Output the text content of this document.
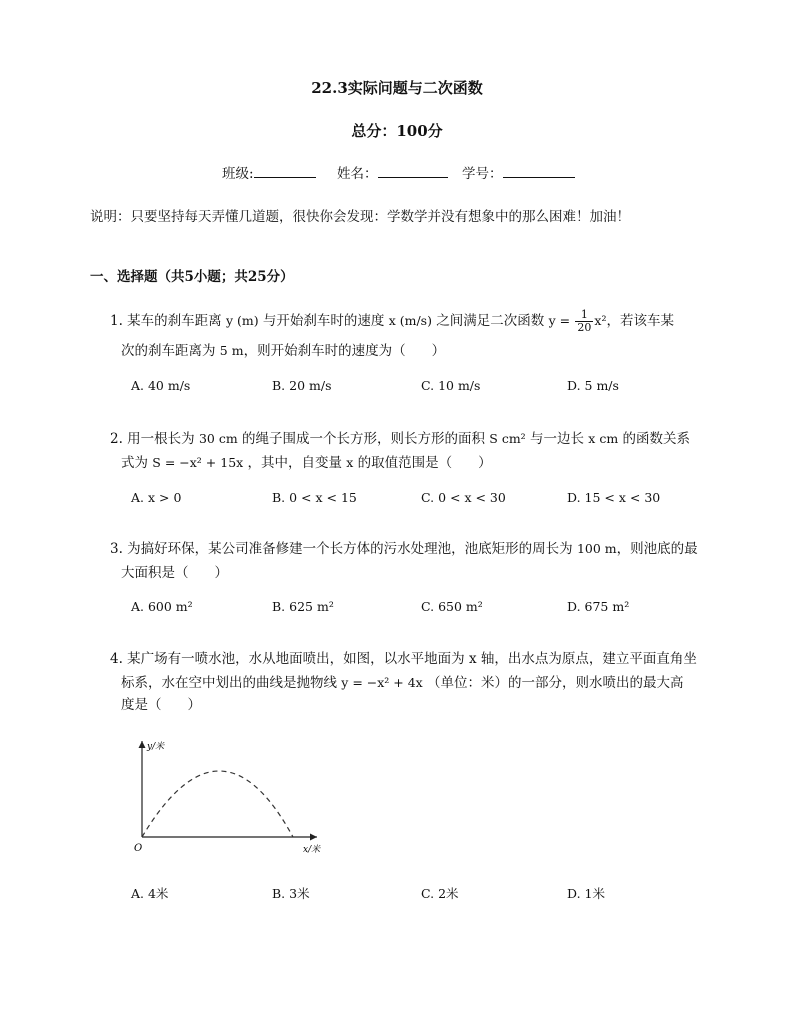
22.3实际问题与二次函数
总分：100分
班级:	姓名：	学号：
说明：只要坚持每天弄懂几道题，很快你会发现：学数学并没有想象中的那么困难！加油！
一、选择题（共5小题；共25分）
1. 某车的刹车距离 y (m) 与开始刹车时的速度 x (m/s) 之间满足二次函数 $y = \frac{1}{20} x^2$，若该车某
次的刹车距离为 5 m，则开始刹车时的速度为（ ）
A. 40 m/s	B. 20 m/s	C. 10 m/s	D. 5 m/s
2. 用一根长为 30 cm 的绳子围成一个长方形，则长方形的面积 S cm² 与一边长 x cm 的函数关系
式为 S = −x² + 15x ，其中，自变量 x 的取值范围是（ ）
A. x > 0	B. 0 < x < 15	C. 0 < x < 30	D. 15 < x < 30
3. 为搞好环保，某公司准备修建一个长方体的污水处理池，池底矩形的周长为 100 m，则池底的最
大面积是（ ）
A. 600 m²	B. 625 m²	C. 650 m²	D. 675 m²
4. 某广场有一喷水池，水从地面喷出，如图，以水平地面为 x 轴，出水点为原点，建立平面直角坐
标系，水在空中划出的曲线是抛物线 y = −x² + 4x （单位：米）的一部分，则水喷出的最大高
度是（ ）
y/米
x/米
O
A. 4米	B. 3米	C. 2米	D. 1米
